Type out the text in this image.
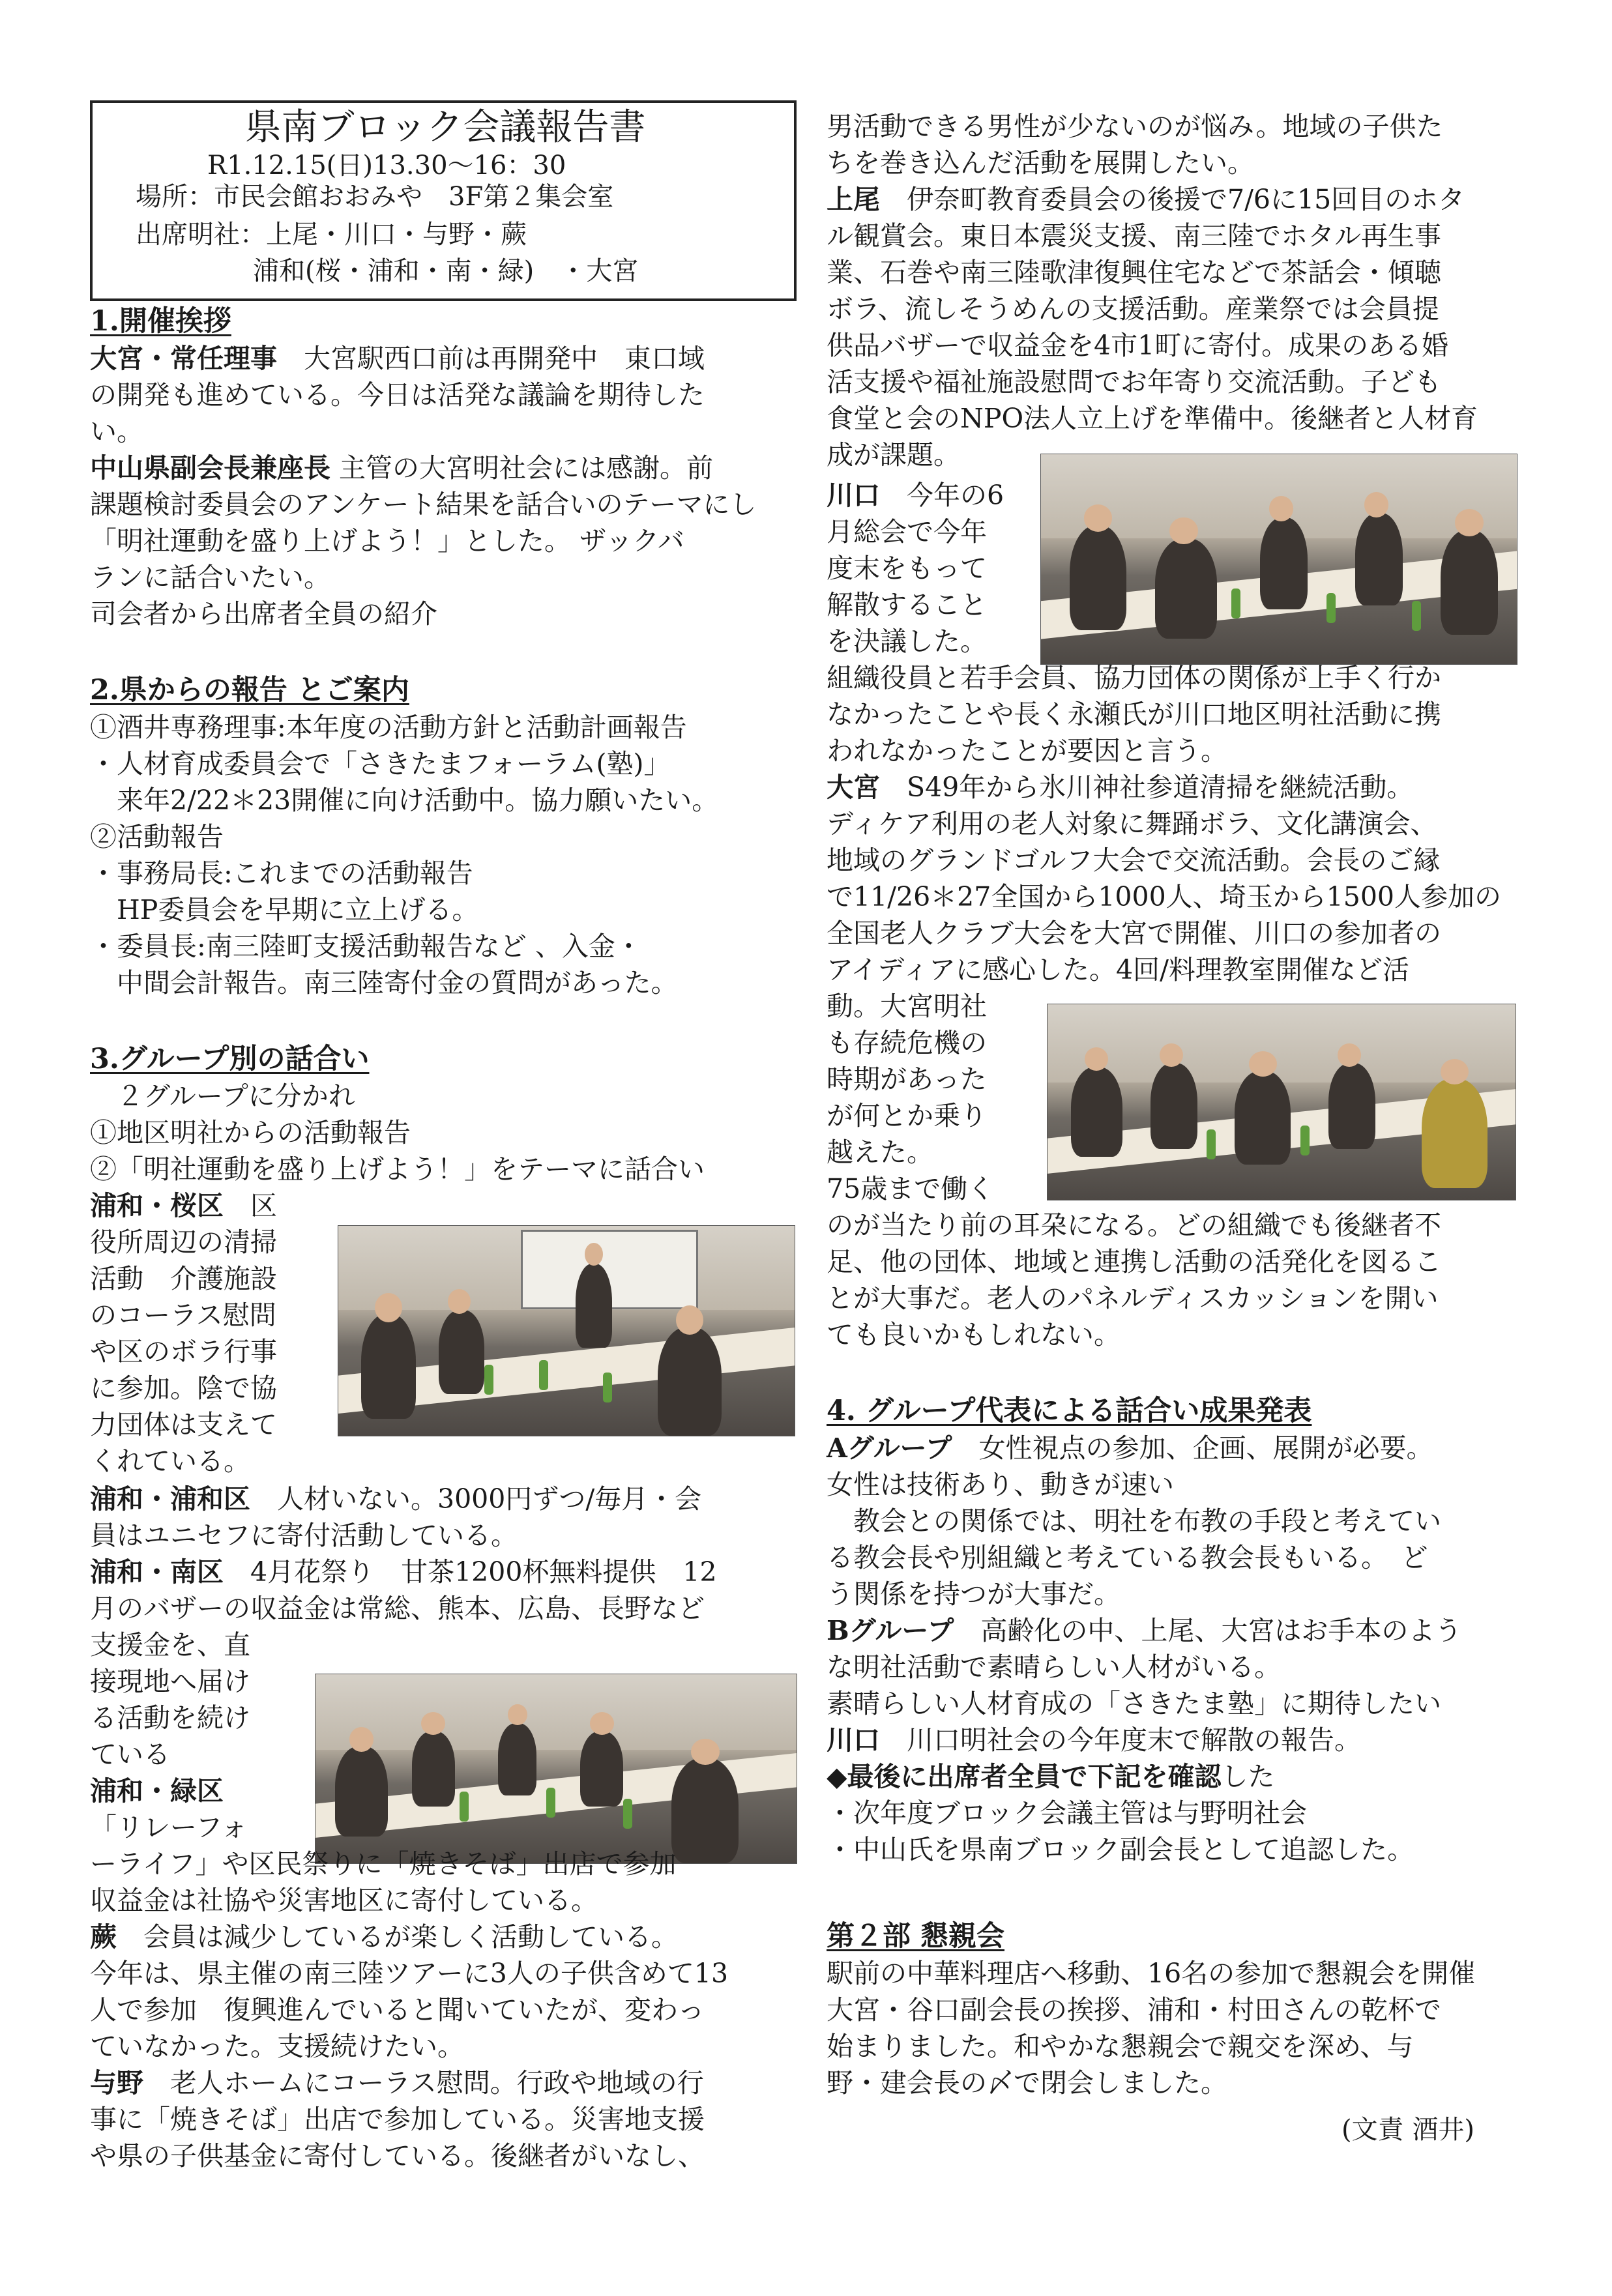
県南ブロック会議報告書
R1.12.15(日)13.30〜16：30
場所：市民会館おおみや　3F第２集会室
出席明社：上尾・川口・与野・蕨
浦和(桜・浦和・南・緑)　・大宮
1.開催挨拶
大宮・常任理事　大宮駅西口前は再開発中　東口域
の開発も進めている。今日は活発な議論を期待した
い。
中山県副会長兼座長 主管の大宮明社会には感謝。前
課題検討委員会のアンケート結果を話合いのテーマにし
「明社運動を盛り上げよう！」とした。 ザックバ
ランに話合いたい。
司会者から出席者全員の紹介
2.県からの報告 とご案内
①酒井専務理事:本年度の活動方針と活動計画報告
・人材育成委員会で「さきたまフォーラム(塾)」
　来年2/22＊23開催に向け活動中。協力願いたい。
②活動報告
・事務局長:これまでの活動報告
　HP委員会を早期に立上げる。
・委員長:南三陸町支援活動報告など 、入金・
　中間会計報告。南三陸寄付金の質問があった。
3.グループ別の話合い
　２グループに分かれ
①地区明社からの活動報告
②「明社運動を盛り上げよう！」をテーマに話合い
浦和・桜区　区
役所周辺の清掃
活動　介護施設
のコーラス慰問
や区のボラ行事
に参加。陰で協
力団体は支えて
くれている。
浦和・浦和区　人材いない。3000円ずつ/毎月・会
員はユニセフに寄付活動している。
浦和・南区　4月花祭り　甘茶1200杯無料提供　12
月のバザーの収益金は常総、熊本、広島、長野など
支援金を、直
接現地へ届け
る活動を続け
ている
浦和・緑区
「リレーフォ
ーライフ」や区民祭りに「焼きそば」出店で参加
収益金は社協や災害地区に寄付している。
蕨　会員は減少しているが楽しく活動している。
今年は、県主催の南三陸ツアーに3人の子供含めて13
人で参加　復興進んでいると聞いていたが、変わっ
ていなかった。支援続けたい。
与野　老人ホームにコーラス慰問。行政や地域の行
事に「焼きそば」出店で参加している。災害地支援
や県の子供基金に寄付している。後継者がいなし、
男活動できる男性が少ないのが悩み。地域の子供た
ちを巻き込んだ活動を展開したい。
上尾　伊奈町教育委員会の後援で7/6に15回目のホタ
ル観賞会。東日本震災支援、南三陸でホタル再生事
業、石巻や南三陸歌津復興住宅などで茶話会・傾聴
ボラ、流しそうめんの支援活動。産業祭では会員提
供品バザーで収益金を4市1町に寄付。成果のある婚
活支援や福祉施設慰問でお年寄り交流活動。子ども
食堂と会のNPO法人立上げを準備中。後継者と人材育
成が課題。
川口　今年の6
月総会で今年
度末をもって
解散すること
を決議した。
組織役員と若手会員、協力団体の関係が上手く行か
なかったことや長く永瀬氏が川口地区明社活動に携
われなかったことが要因と言う。
大宮　S49年から氷川神社参道清掃を継続活動。
ディケア利用の老人対象に舞踊ボラ、文化講演会、
地域のグランドゴルフ大会で交流活動。会長のご縁
で11/26＊27全国から1000人、埼玉から1500人参加の
全国老人クラブ大会を大宮で開催、川口の参加者の
アイディアに感心した。4回/料理教室開催など活
動。大宮明社
も存続危機の
時期があった
が何とか乗り
越えた。
75歳まで働く
のが当たり前の耳朶になる。どの組織でも後継者不
足、他の団体、地域と連携し活動の活発化を図るこ
とが大事だ。老人のパネルディスカッションを開い
ても良いかもしれない。
4. グループ代表による話合い成果発表
Aグループ　女性視点の参加、企画、展開が必要。
女性は技術あり、動きが速い
　教会との関係では、明社を布教の手段と考えてい
る教会長や別組織と考えている教会長もいる。　ど
う関係を持つが大事だ。
Bグループ　高齢化の中、上尾、大宮はお手本のよう
な明社活動で素晴らしい人材がいる。
素晴らしい人材育成の「さきたま塾」に期待したい
川口　川口明社会の今年度末で解散の報告。
◆最後に出席者全員で下記を確認した
・次年度ブロック会議主管は与野明社会
・中山氏を県南ブロック副会長として追認した。
第２部 懇親会
駅前の中華料理店へ移動、16名の参加で懇親会を開催
大宮・谷口副会長の挨拶、浦和・村田さんの乾杯で
始まりました。和やかな懇親会で親交を深め、与
野・建会長の〆で閉会しました。
(文責 酒井)
